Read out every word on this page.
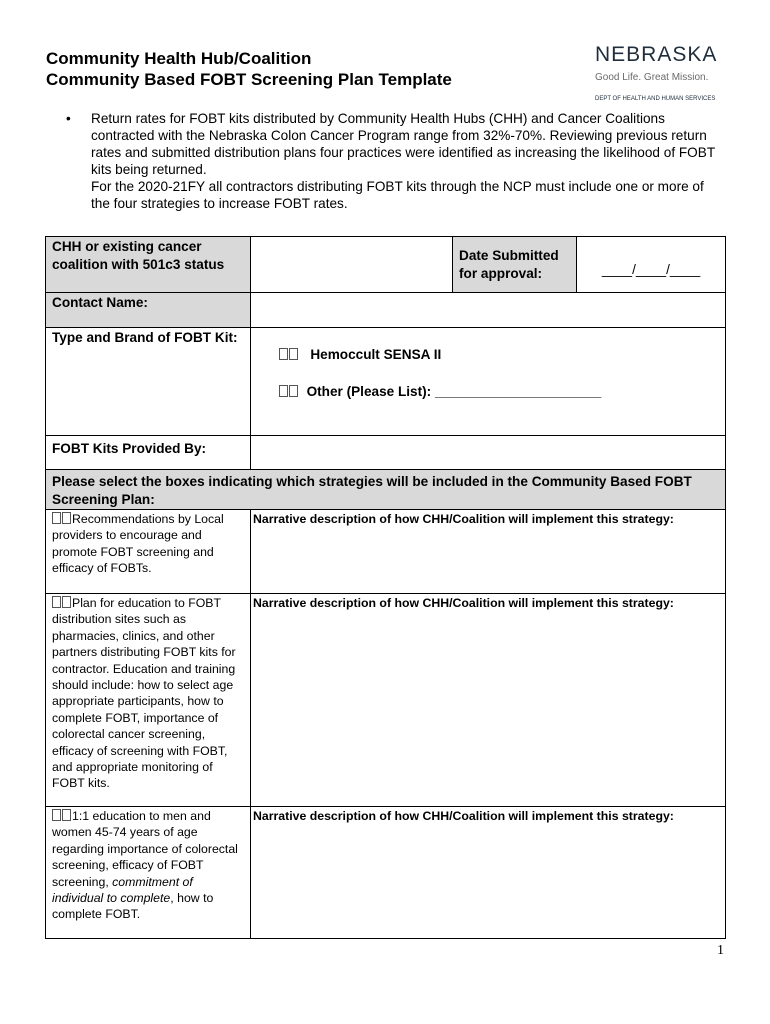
Community Health Hub/Coalition
Community Based FOBT Screening Plan Template
NEBRASKA
Good Life. Great Mission.
DEPT OF HEALTH AND HUMAN SERVICES
• Return rates for FOBT kits distributed by Community Health Hubs (CHH) and Cancer Coalitions contracted with the Nebraska Colon Cancer Program range from 32%-70%. Reviewing previous return rates and submitted distribution plans four practices were identified as increasing the likelihood of FOBT kits being returned.
For the 2020-21FY all contractors distributing FOBT kits through the NCP must include one or more of the four strategies to increase FOBT rates.
CHH or existing cancer coalition with 501c3 status		Date Submitted for approval:	____/____/____
Contact Name:			
Type and Brand of FOBT Kit:	Hemoccult SENSA II
Other (Please List): ______________________		

FOBT Kits Provided By:			
Please select the boxes indicating which strategies will be included in the Community Based FOBT Screening Plan:			
Recommendations by Local providers to encourage and promote FOBT screening and efficacy of FOBTs.	Narrative description of how CHH/Coalition will implement this strategy:		
Plan for education to FOBT distribution sites such as pharmacies, clinics, and other partners distributing FOBT kits for contractor. Education and training should include: how to select age appropriate participants, how to complete FOBT, importance of colorectal cancer screening, efficacy of screening with FOBT, and appropriate monitoring of FOBT kits.	Narrative description of how CHH/Coalition will implement this strategy:		
1:1 education to men and women 45-74 years of age regarding importance of colorectal screening, efficacy of FOBT screening, commitment of individual to complete, how to complete FOBT.	Narrative description of how CHH/Coalition will implement this strategy:		
1
